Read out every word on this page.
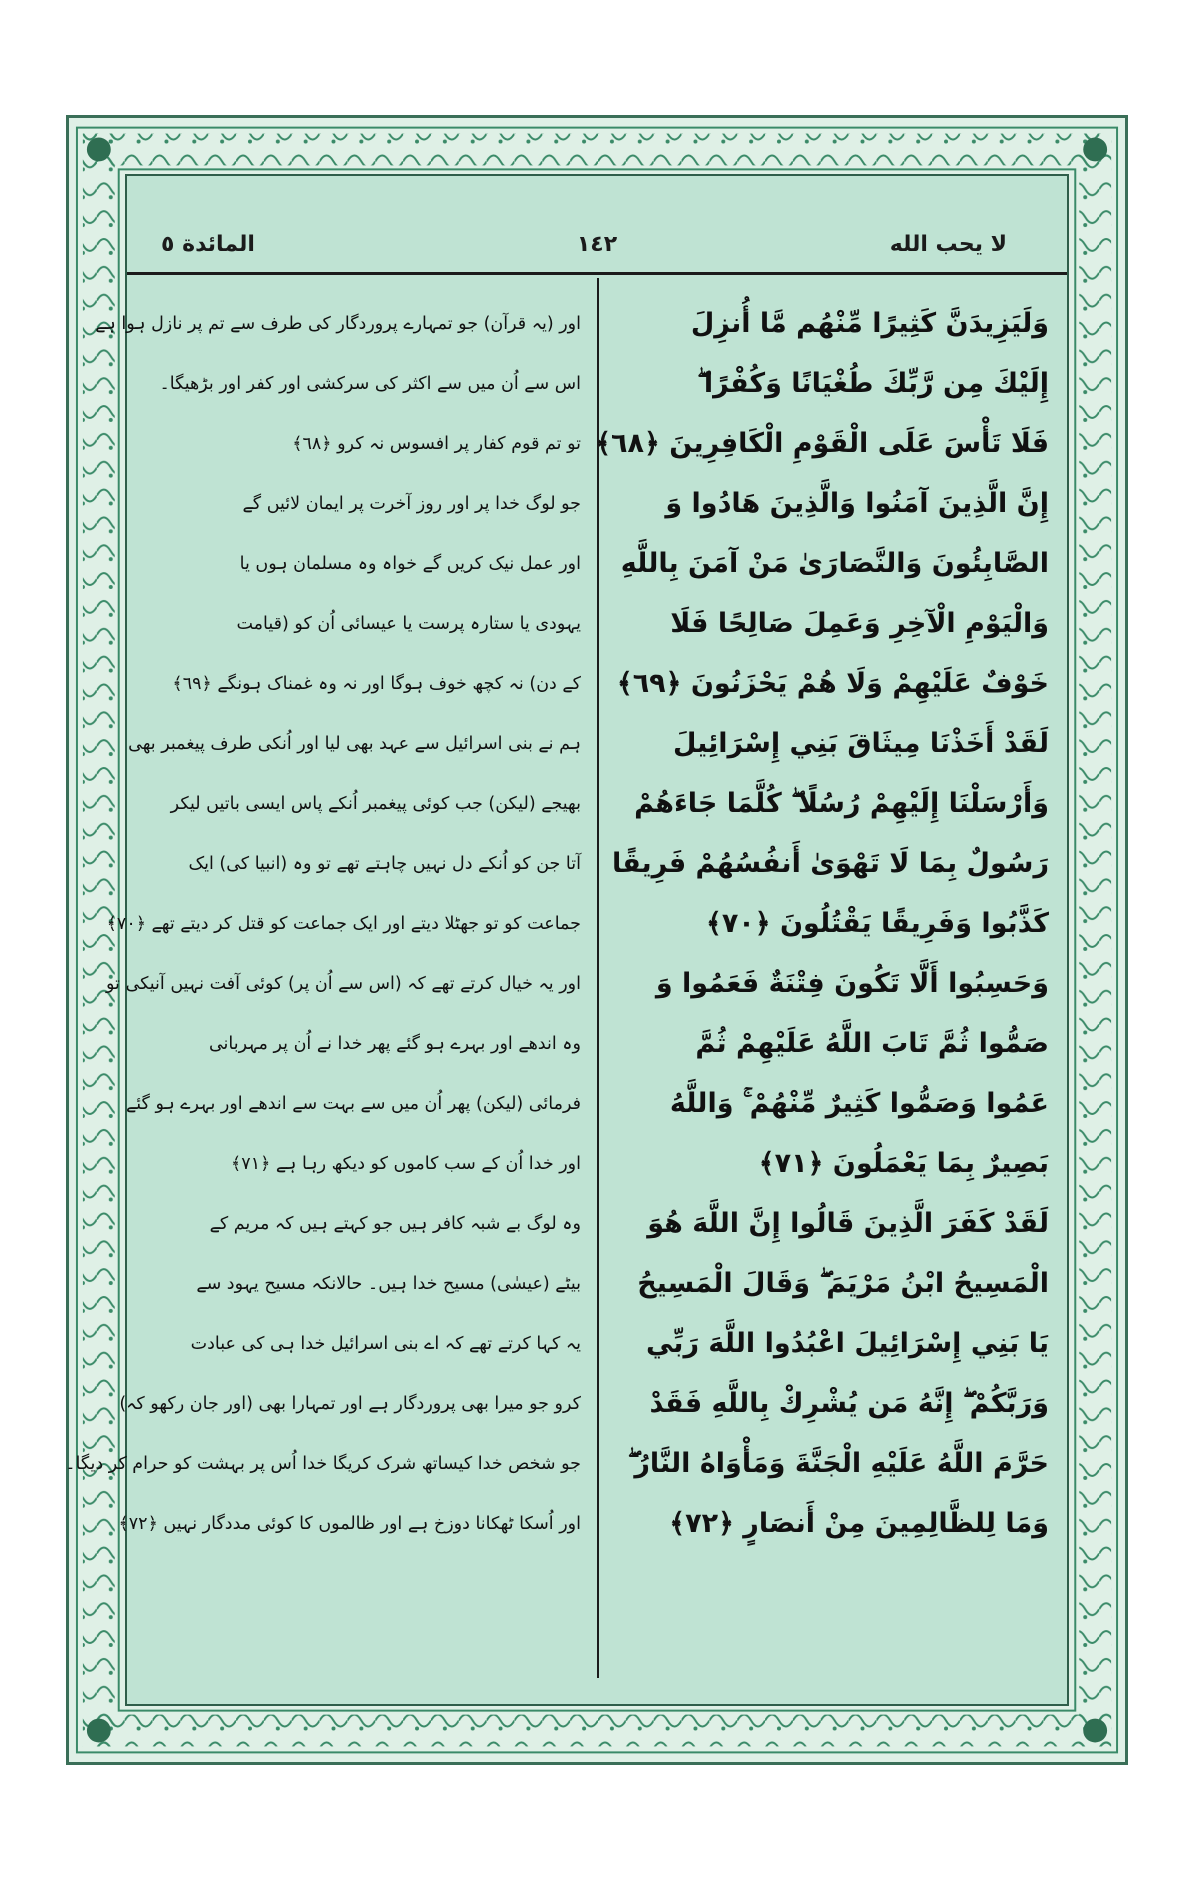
لا يحب الله
١٤٢
المائدة ٥
وَلَيَزِيدَنَّ كَثِيرًا مِّنْهُم مَّا أُنزِلَ
إِلَيْكَ مِن رَّبِّكَ طُغْيَانًا وَكُفْرًا ۖ
فَلَا تَأْسَ عَلَى الْقَوْمِ الْكَافِرِينَ ﴿٦٨﴾
إِنَّ الَّذِينَ آمَنُوا وَالَّذِينَ هَادُوا وَ
الصَّابِئُونَ وَالنَّصَارَىٰ مَنْ آمَنَ بِاللَّهِ
وَالْيَوْمِ الْآخِرِ وَعَمِلَ صَالِحًا فَلَا
خَوْفٌ عَلَيْهِمْ وَلَا هُمْ يَحْزَنُونَ ﴿٦٩﴾
لَقَدْ أَخَذْنَا مِيثَاقَ بَنِي إِسْرَائِيلَ
وَأَرْسَلْنَا إِلَيْهِمْ رُسُلًا ۖ كُلَّمَا جَاءَهُمْ
رَسُولٌ بِمَا لَا تَهْوَىٰ أَنفُسُهُمْ فَرِيقًا
كَذَّبُوا وَفَرِيقًا يَقْتُلُونَ ﴿٧٠﴾
وَحَسِبُوا أَلَّا تَكُونَ فِتْنَةٌ فَعَمُوا وَ
صَمُّوا ثُمَّ تَابَ اللَّهُ عَلَيْهِمْ ثُمَّ
عَمُوا وَصَمُّوا كَثِيرٌ مِّنْهُمْ ۚ وَاللَّهُ
بَصِيرٌ بِمَا يَعْمَلُونَ ﴿٧١﴾
لَقَدْ كَفَرَ الَّذِينَ قَالُوا إِنَّ اللَّهَ هُوَ
الْمَسِيحُ ابْنُ مَرْيَمَ ۖ وَقَالَ الْمَسِيحُ
يَا بَنِي إِسْرَائِيلَ اعْبُدُوا اللَّهَ رَبِّي
وَرَبَّكُمْ ۖ إِنَّهُ مَن يُشْرِكْ بِاللَّهِ فَقَدْ
حَرَّمَ اللَّهُ عَلَيْهِ الْجَنَّةَ وَمَأْوَاهُ النَّارُ ۖ
وَمَا لِلظَّالِمِينَ مِنْ أَنصَارٍ ﴿٧٢﴾
اور (یہ قرآن) جو تمہارے پروردگار کی طرف سے تم پر نازل ہوا ہے
اس سے اُن میں سے اکثر کی سرکشی اور کفر اور بڑھیگا۔
تو تم قوم کفار پر افسوس نہ کرو ﴿٦٨﴾
جو لوگ خدا پر اور روز آخرت پر ایمان لائیں گے
اور عمل نیک کریں گے خواہ وہ مسلمان ہوں یا
یہودی یا ستارہ پرست یا عیسائی اُن کو (قیامت
کے دن) نہ کچھ خوف ہوگا اور نہ وہ غمناک ہونگے ﴿٦٩﴾
ہم نے بنی اسرائیل سے عہد بھی لیا اور اُنکی طرف پیغمبر بھی
بھیجے (لیکن) جب کوئی پیغمبر اُنکے پاس ایسی باتیں لیکر
آتا جن کو اُنکے دل نہیں چاہتے تھے تو وہ (انبیا کی) ایک
جماعت کو تو جھٹلا دیتے اور ایک جماعت کو قتل کر دیتے تھے ﴿٧٠﴾
اور یہ خیال کرتے تھے کہ (اس سے اُن پر) کوئی آفت نہیں آنیکی تو
وہ اندھے اور بہرے ہو گئے پھر خدا نے اُن پر مہربانی
فرمائی (لیکن) پھر اُن میں سے بہت سے اندھے اور بہرے ہو گئے
اور خدا اُن کے سب کاموں کو دیکھ رہا ہے ﴿٧١﴾
وہ لوگ بے شبہ کافر ہیں جو کہتے ہیں کہ مریم کے
بیٹے (عیسٰی) مسیح خدا ہیں۔ حالانکہ مسیح یہود سے
یہ کہا کرتے تھے کہ اے بنی اسرائیل خدا ہی کی عبادت
کرو جو میرا بھی پروردگار ہے اور تمہارا بھی (اور جان رکھو کہ)
جو شخص خدا کیساتھ شرک کریگا خدا اُس پر بہشت کو حرام کر دیگا۔
اور اُسکا ٹھکانا دوزخ ہے اور ظالموں کا کوئی مددگار نہیں ﴿٧٢﴾
